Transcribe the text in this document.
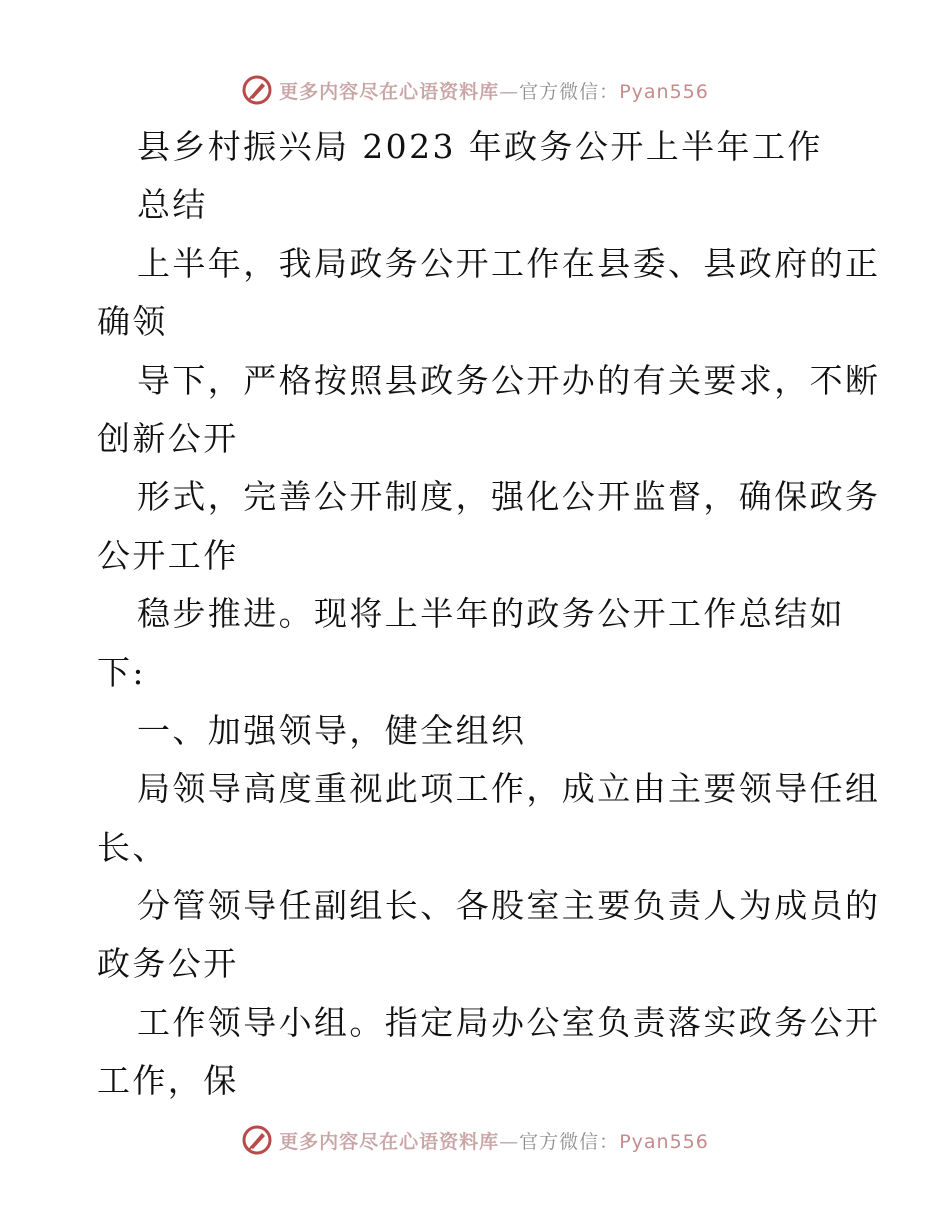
更多内容尽在心语资料库—官方微信：Pyan556
县乡村振兴局 2023 年政务公开上半年工作
总结
上半年，我局政务公开工作在县委、县政府的正
确领
导下，严格按照县政务公开办的有关要求，不断
创新公开
形式，完善公开制度，强化公开监督，确保政务
公开工作
稳步推进。现将上半年的政务公开工作总结如
下:
一、加强领导，健全组织
局领导高度重视此项工作，成立由主要领导任组
长、
分管领导任副组长、各股室主要负责人为成员的
政务公开
工作领导小组。指定局办公室负责落实政务公开
工作，保
更多内容尽在心语资料库—官方微信：Pyan556
